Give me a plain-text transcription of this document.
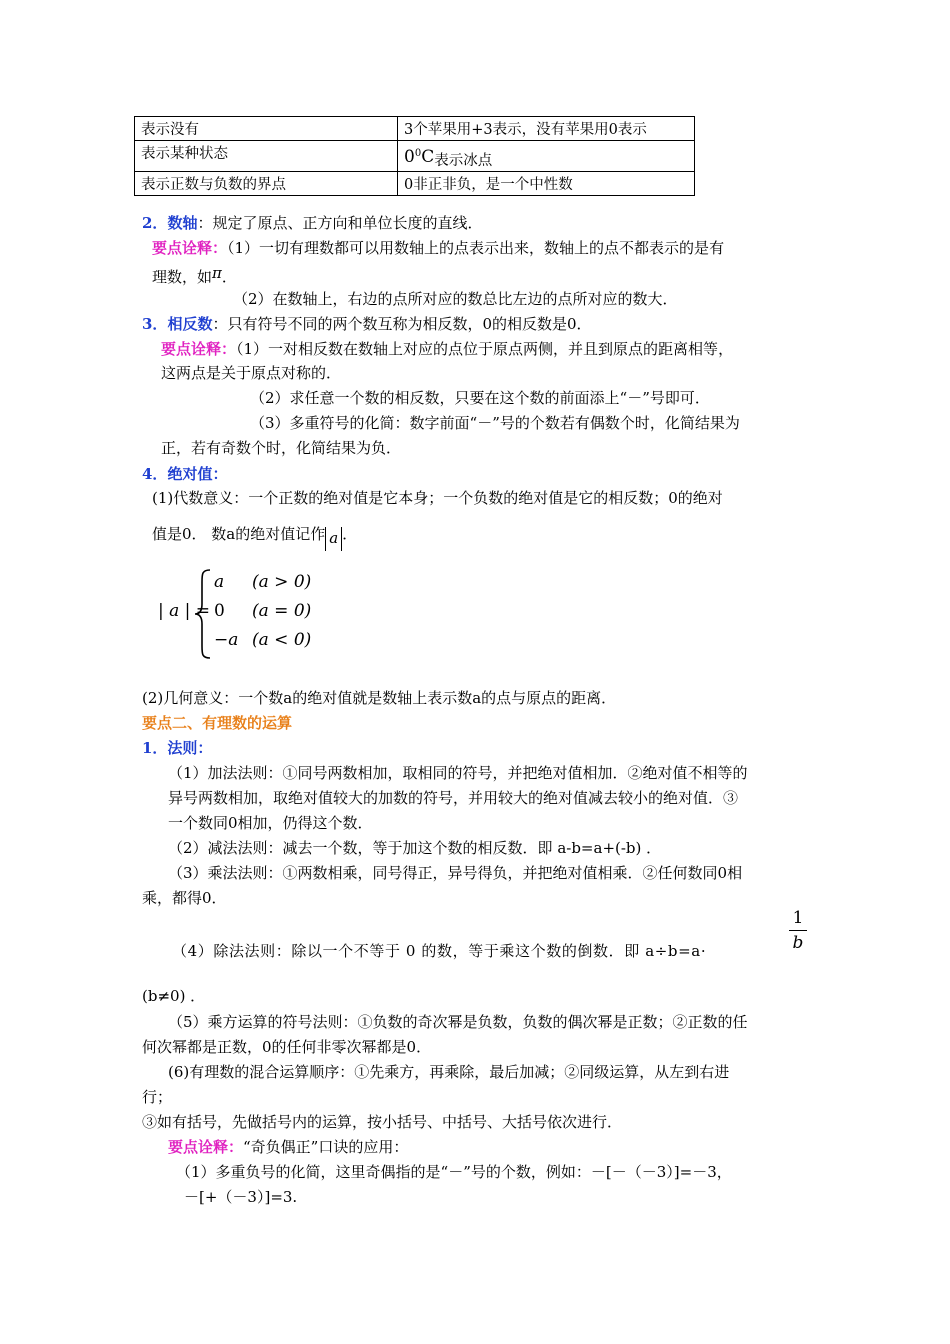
表示没有	3个苹果用+3表示，没有苹果用0表示
表示某种状态	$0^0C$表示冰点
表示正数与负数的界点	0非正非负，是一个中性数
2．数轴：规定了原点、正方向和单位长度的直线．
要点诠释：（1）一切有理数都可以用数轴上的点表示出来，数轴上的点不都表示的是有
理数，如π．
（2）在数轴上，右边的点所对应的数总比左边的点所对应的数大．
3．相反数：只有符号不同的两个数互称为相反数，0的相反数是0．
要点诠释：（1）一对相反数在数轴上对应的点位于原点两侧，并且到原点的距离相等，
这两点是关于原点对称的．
（2）求任意一个数的相反数，只要在这个数的前面添上“－”号即可．
（3）多重符号的化简：数字前面“－”号的个数若有偶数个时，化简结果为
正，若有奇数个时，化简结果为负．
4．绝对值：
(1)代数意义：一个正数的绝对值是它本身；一个负数的绝对值是它的相反数；0的绝对
值是0． 数a的绝对值记作 a ．
| a | =
a (a > 0)
0 (a = 0)
−a (a < 0)
(2)几何意义：一个数a的绝对值就是数轴上表示数a的点与原点的距离．
要点二、有理数的运算
1．法则：
（1）加法法则：①同号两数相加，取相同的符号，并把绝对值相加．②绝对值不相等的
异号两数相加，取绝对值较大的加数的符号，并用较大的绝对值减去较小的绝对值．③
一个数同0相加，仍得这个数．
（2）减法法则：减去一个数，等于加这个数的相反数．即 a-b=a+(-b) ．
（3）乘法法则：①两数相乘，同号得正，异号得负，并把绝对值相乘．②任何数同0相
乘，都得0．
（4）除法法则：除以一个不等于 0 的数，等于乘这个数的倒数．即 a÷b=a·
1
b
(b≠0) ．
（5）乘方运算的符号法则：①负数的奇次幂是负数，负数的偶次幂是正数；②正数的任
何次幂都是正数，0的任何非零次幂都是0．
(6)有理数的混合运算顺序：①先乘方，再乘除，最后加减；②同级运算，从左到右进
行；
③如有括号，先做括号内的运算，按小括号、中括号、大括号依次进行．
要点诠释：“奇负偶正”口诀的应用：
（1）多重负号的化简，这里奇偶指的是“－”号的个数，例如：－[－（－3）]=－3，
－[+（－3）]=3.
